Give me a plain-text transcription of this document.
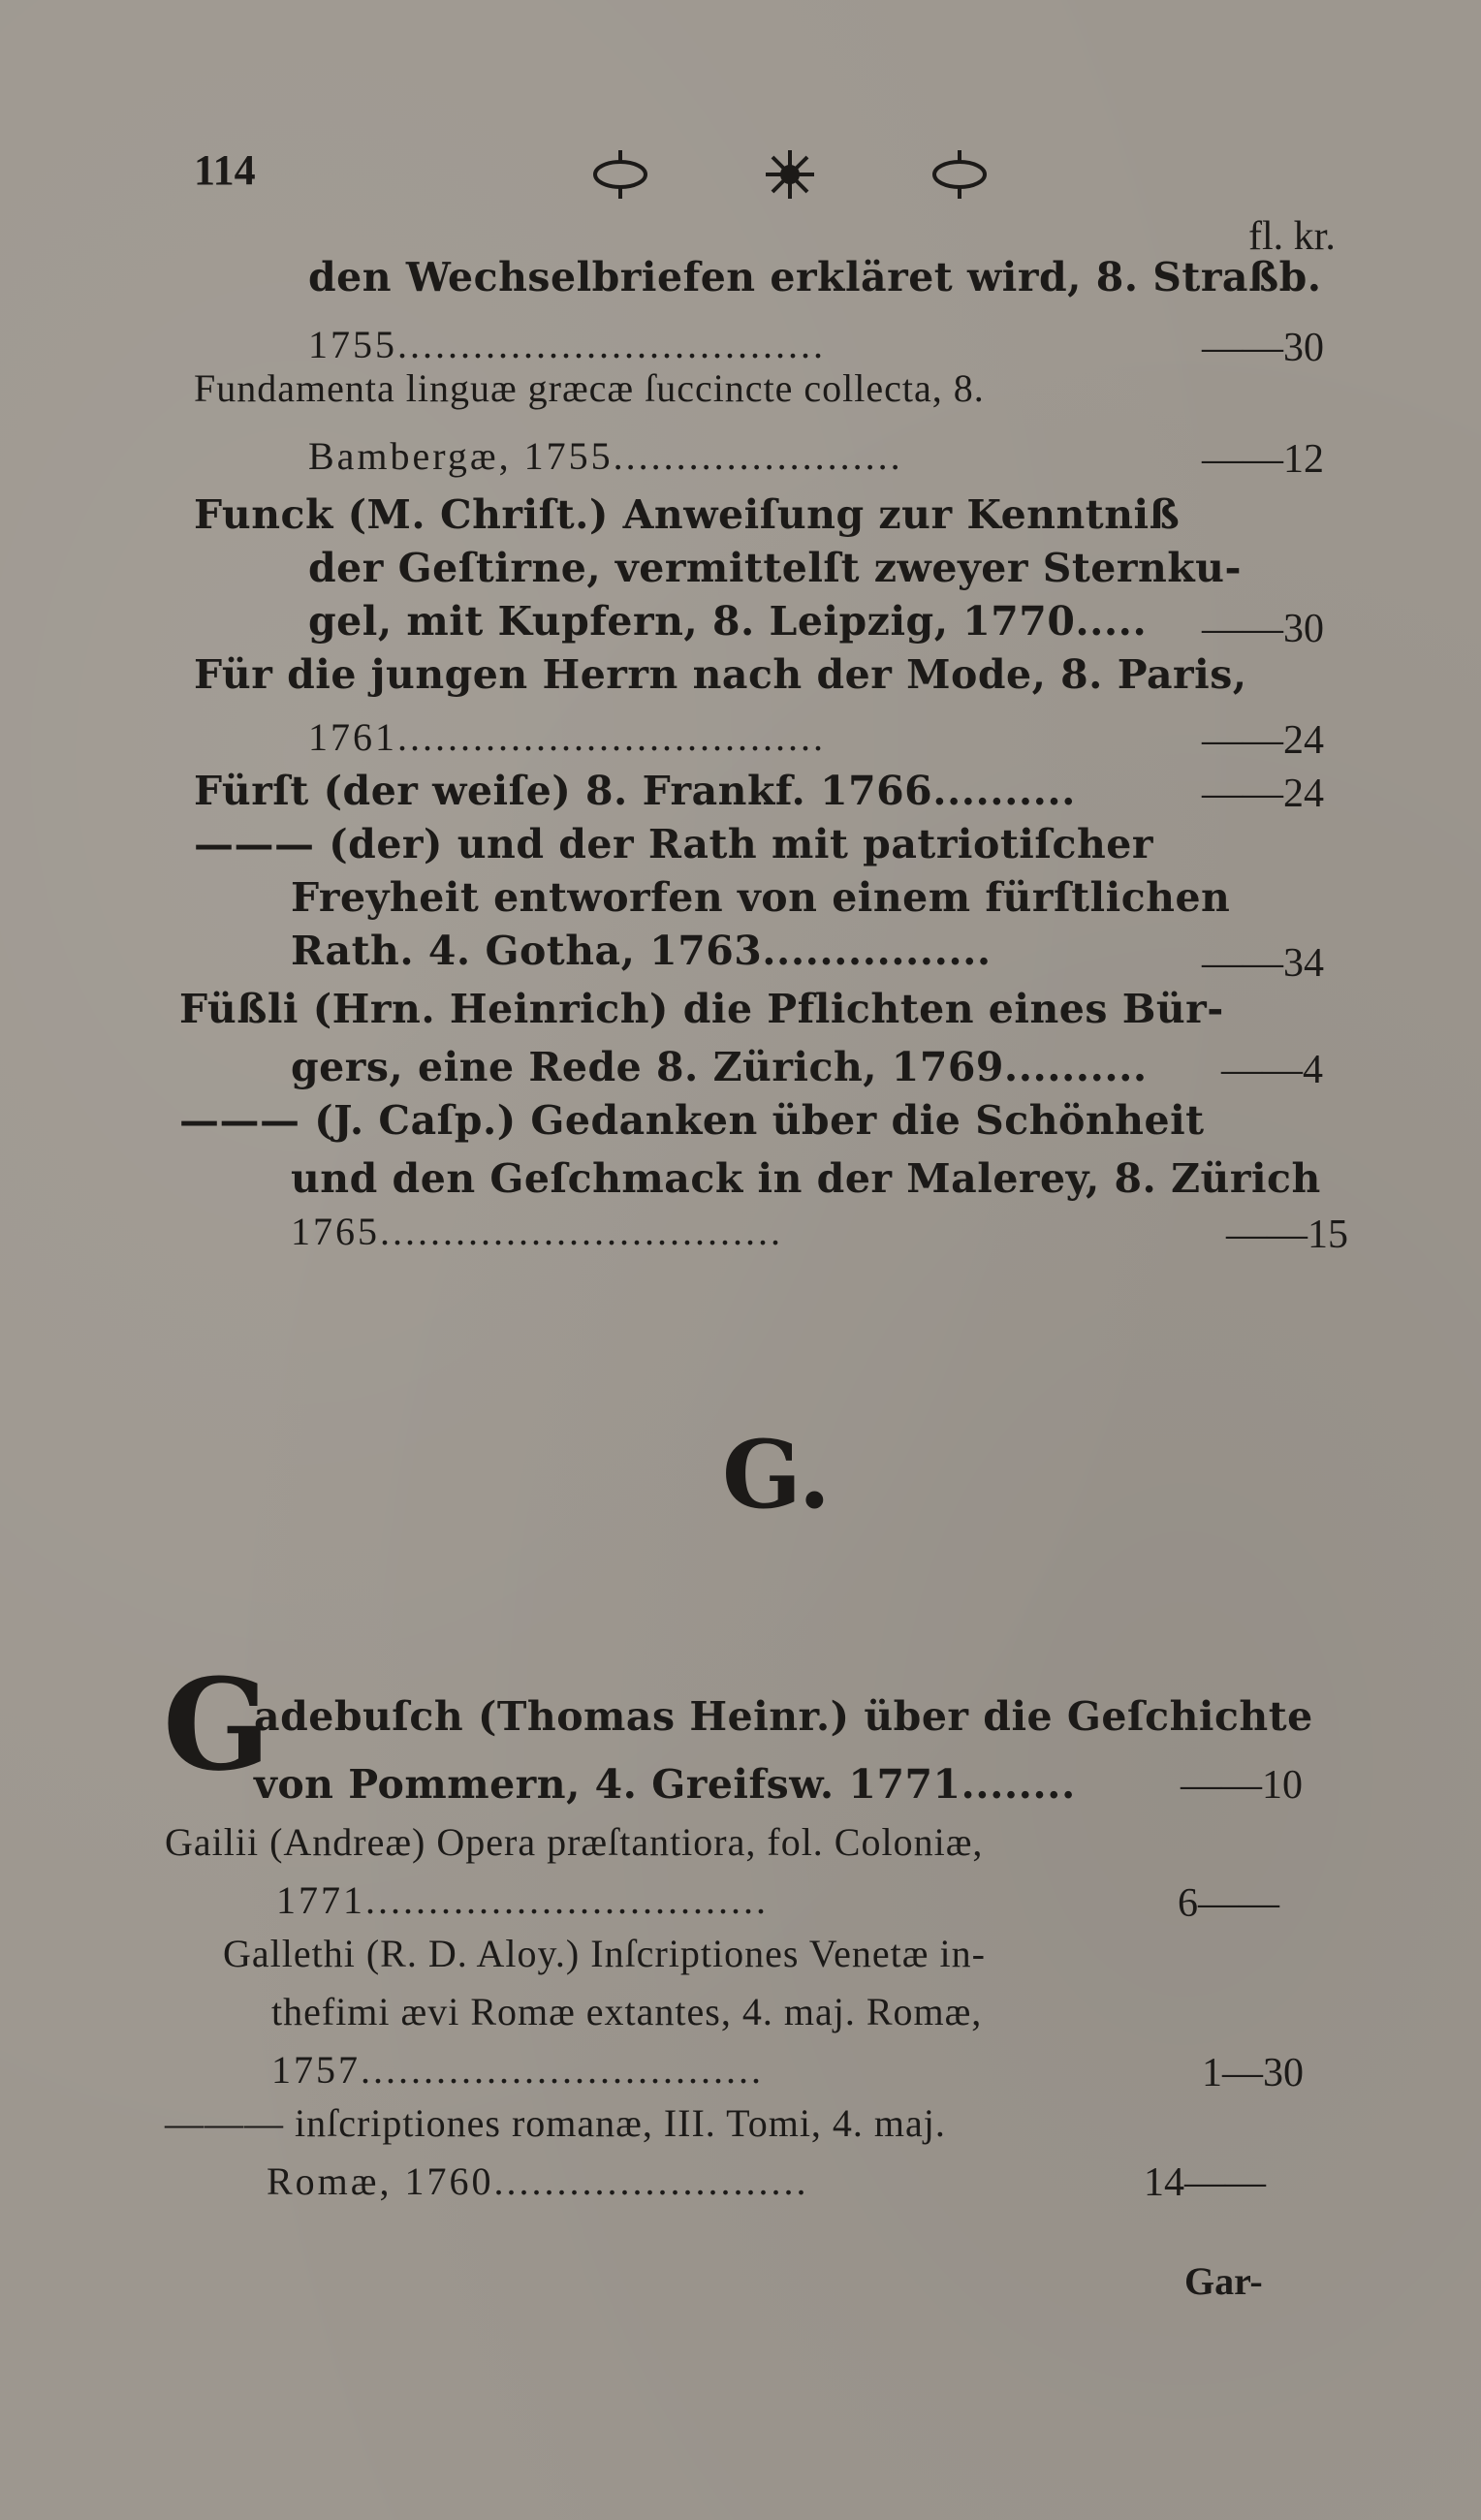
114
fl. kr.
den Wechselbriefen erkläret wird, 8. Straßb.
1755..................................	——30
Fundamenta linguæ græcæ ſuccincte collecta, 8.
Bambergæ, 1755.......................	——12
Funck (M. Chriſt.) Anweiſung zur Kenntniß
der Geſtirne, vermittelſt zweyer Sternku-
gel, mit Kupfern, 8. Leipzig, 1770..... ——30
Für die jungen Herrn nach der Mode, 8. Paris,
1761..................................	——24
Fürſt (der weiſe) 8. Frankf. 1766..........	——24
——— (der) und der Rath mit patriotiſcher
Freyheit entworfen von einem fürſtlichen
Rath. 4. Gotha, 1763................	——34
Füßli (Hrn. Heinrich) die Pflichten eines Bür-
gers, eine Rede 8. Zürich, 1769.......... ——4
——— (J. Caſp.) Gedanken über die Schönheit
und den Geſchmack in der Malerey, 8. Zürich
1765................................	——15
G.
G
adebuſch (Thomas Heinr.) über die Geſchichte
von Pommern, 4. Greifsw. 1771........	——10
Gailii (Andreæ) Opera præſtantiora, fol. Coloniæ,
1771................................	6——
Gallethi (R. D. Aloy.) Inſcriptiones Venetæ in-
thefimi ævi Romæ extantes, 4. maj. Romæ,
1757................................	1—30
——— inſcriptiones romanæ, III. Tomi, 4. maj.
Romæ, 1760.........................	14——
Gar-
